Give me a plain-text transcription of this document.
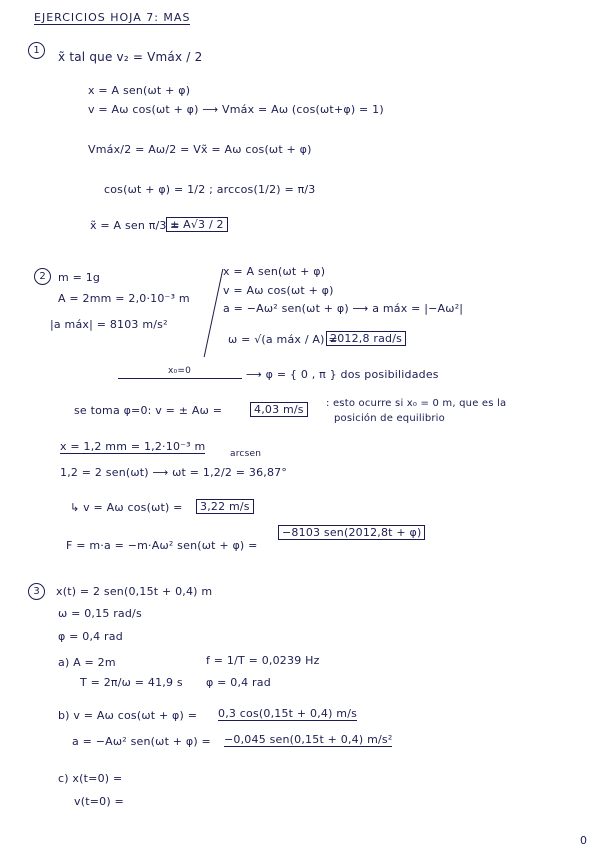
EJERCICIOS HOJA 7: MAS
1	x̃ tal que v₂ = Vmáx / 2
x = A sen(ωt + φ)
v = Aω cos(ωt + φ) ⟶ Vmáx = Aω (cos(ωt+φ) = 1)
Vmáx/2 = Aω/2 = Vx̃ = Aω cos(ωt + φ)
cos(ωt + φ) = 1/2 ; arccos(1/2) = π/3
x̃ = A sen π/3 =
± A√3 / 2
2	m = 1g
A = 2mm = 2,0·10⁻³ m
|a máx| = 8103 m/s²
x = A sen(ωt + φ)
v = Aω cos(ωt + φ)
a = −Aω² sen(ωt + φ) ⟶ a máx = |−Aω²|
ω = √(a máx / A) =
2012,8 rad/s
x₀=0	⟶ φ = { 0 , π } dos posibilidades
se toma φ=0: v = ± Aω =	4,03 m/s	: esto ocurre si x₀ = 0 m, que es la
posición de equilibrio
x = 1,2 mm = 1,2·10⁻³ m
arcsen
1,2 = 2 sen(ωt) ⟶ ωt = 1,2/2 = 36,87°
↳ v = Aω cos(ωt) =	3,22 m/s
F = m·a = −m·Aω² sen(ωt + φ) =
−8103 sen(2012,8t + φ)
3	x(t) = 2 sen(0,15t + 0,4) m
ω = 0,15 rad/s
φ = 0,4 rad
a) A = 2m	f = 1/T = 0,0239 Hz
T = 2π/ω = 41,9 s φ = 0,4 rad
b) v = Aω cos(ωt + φ) = 0,3 cos(0,15t + 0,4) m/s
a = −Aω² sen(ωt + φ) = −0,045 sen(0,15t + 0,4) m/s²
c) x(t=0) =
v(t=0) =
0
